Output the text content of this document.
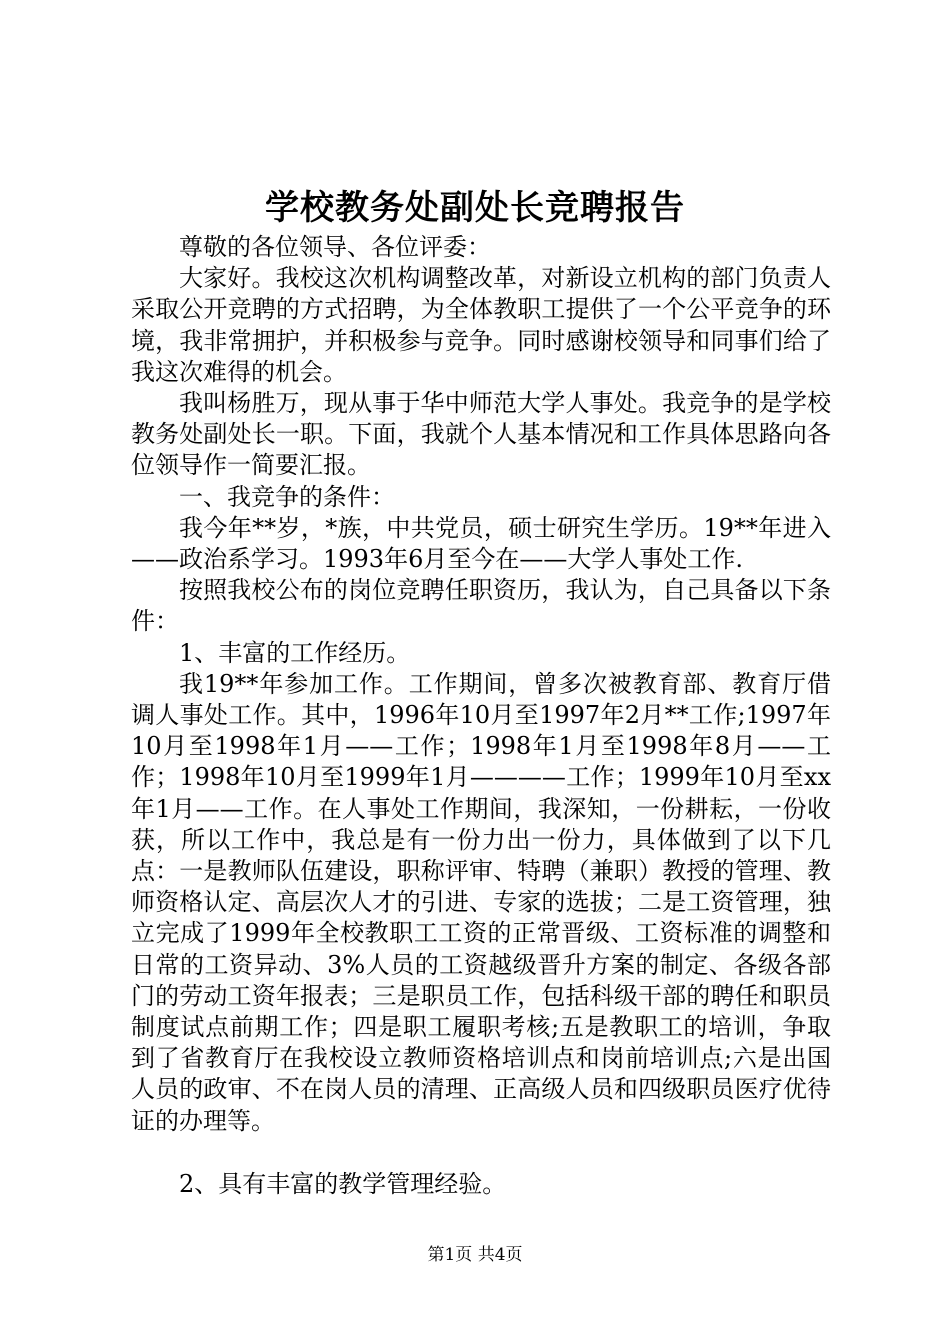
学校教务处副处长竞聘报告

尊敬的各位领导、各位评委：

大家好。我校这次机构调整改革，对新设立机构的部门负责人采取公开竞聘的方式招聘，为全体教职工提供了一个公平竞争的环境，我非常拥护，并积极参与竞争。同时感谢校领导和同事们给了我这次难得的机会。

我叫杨胜万，现从事于华中师范大学人事处。我竞争的是学校教务处副处长一职。下面，我就个人基本情况和工作具体思路向各位领导作一简要汇报。

一、我竞争的条件：

我今年**岁，*族，中共党员，硕士研究生学历。19**年进入——政治系学习。1993年6月至今在——大学人事处工作.

按照我校公布的岗位竞聘任职资历，我认为，自己具备以下条件：

1、丰富的工作经历。

我19**年参加工作。工作期间，曾多次被教育部、教育厅借调人事处工作。其中，1996年10月至1997年2月**工作;1997年10月至1998年1月——工作；1998年1月至1998年8月——工作；1998年10月至1999年1月————工作；1999年10月至xx年1月——工作。在人事处工作期间，我深知，一份耕耘，一份收获，所以工作中，我总是有一份力出一份力，具体做到了以下几点：一是教师队伍建设，职称评审、特聘（兼职）教授的管理、教师资格认定、高层次人才的引进、专家的选拔；二是工资管理，独立完成了1999年全校教职工工资的正常晋级、工资标准的调整和日常的工资异动、3%人员的工资越级晋升方案的制定、各级各部门的劳动工资年报表；三是职员工作，包括科级干部的聘任和职员制度试点前期工作；四是职工履职考核;五是教职工的培训，争取到了省教育厅在我校设立教师资格培训点和岗前培训点;六是出国人员的政审、不在岗人员的清理、正高级人员和四级职员医疗优待证的办理等。

2、具有丰富的教学管理经验。

第1页 共4页
